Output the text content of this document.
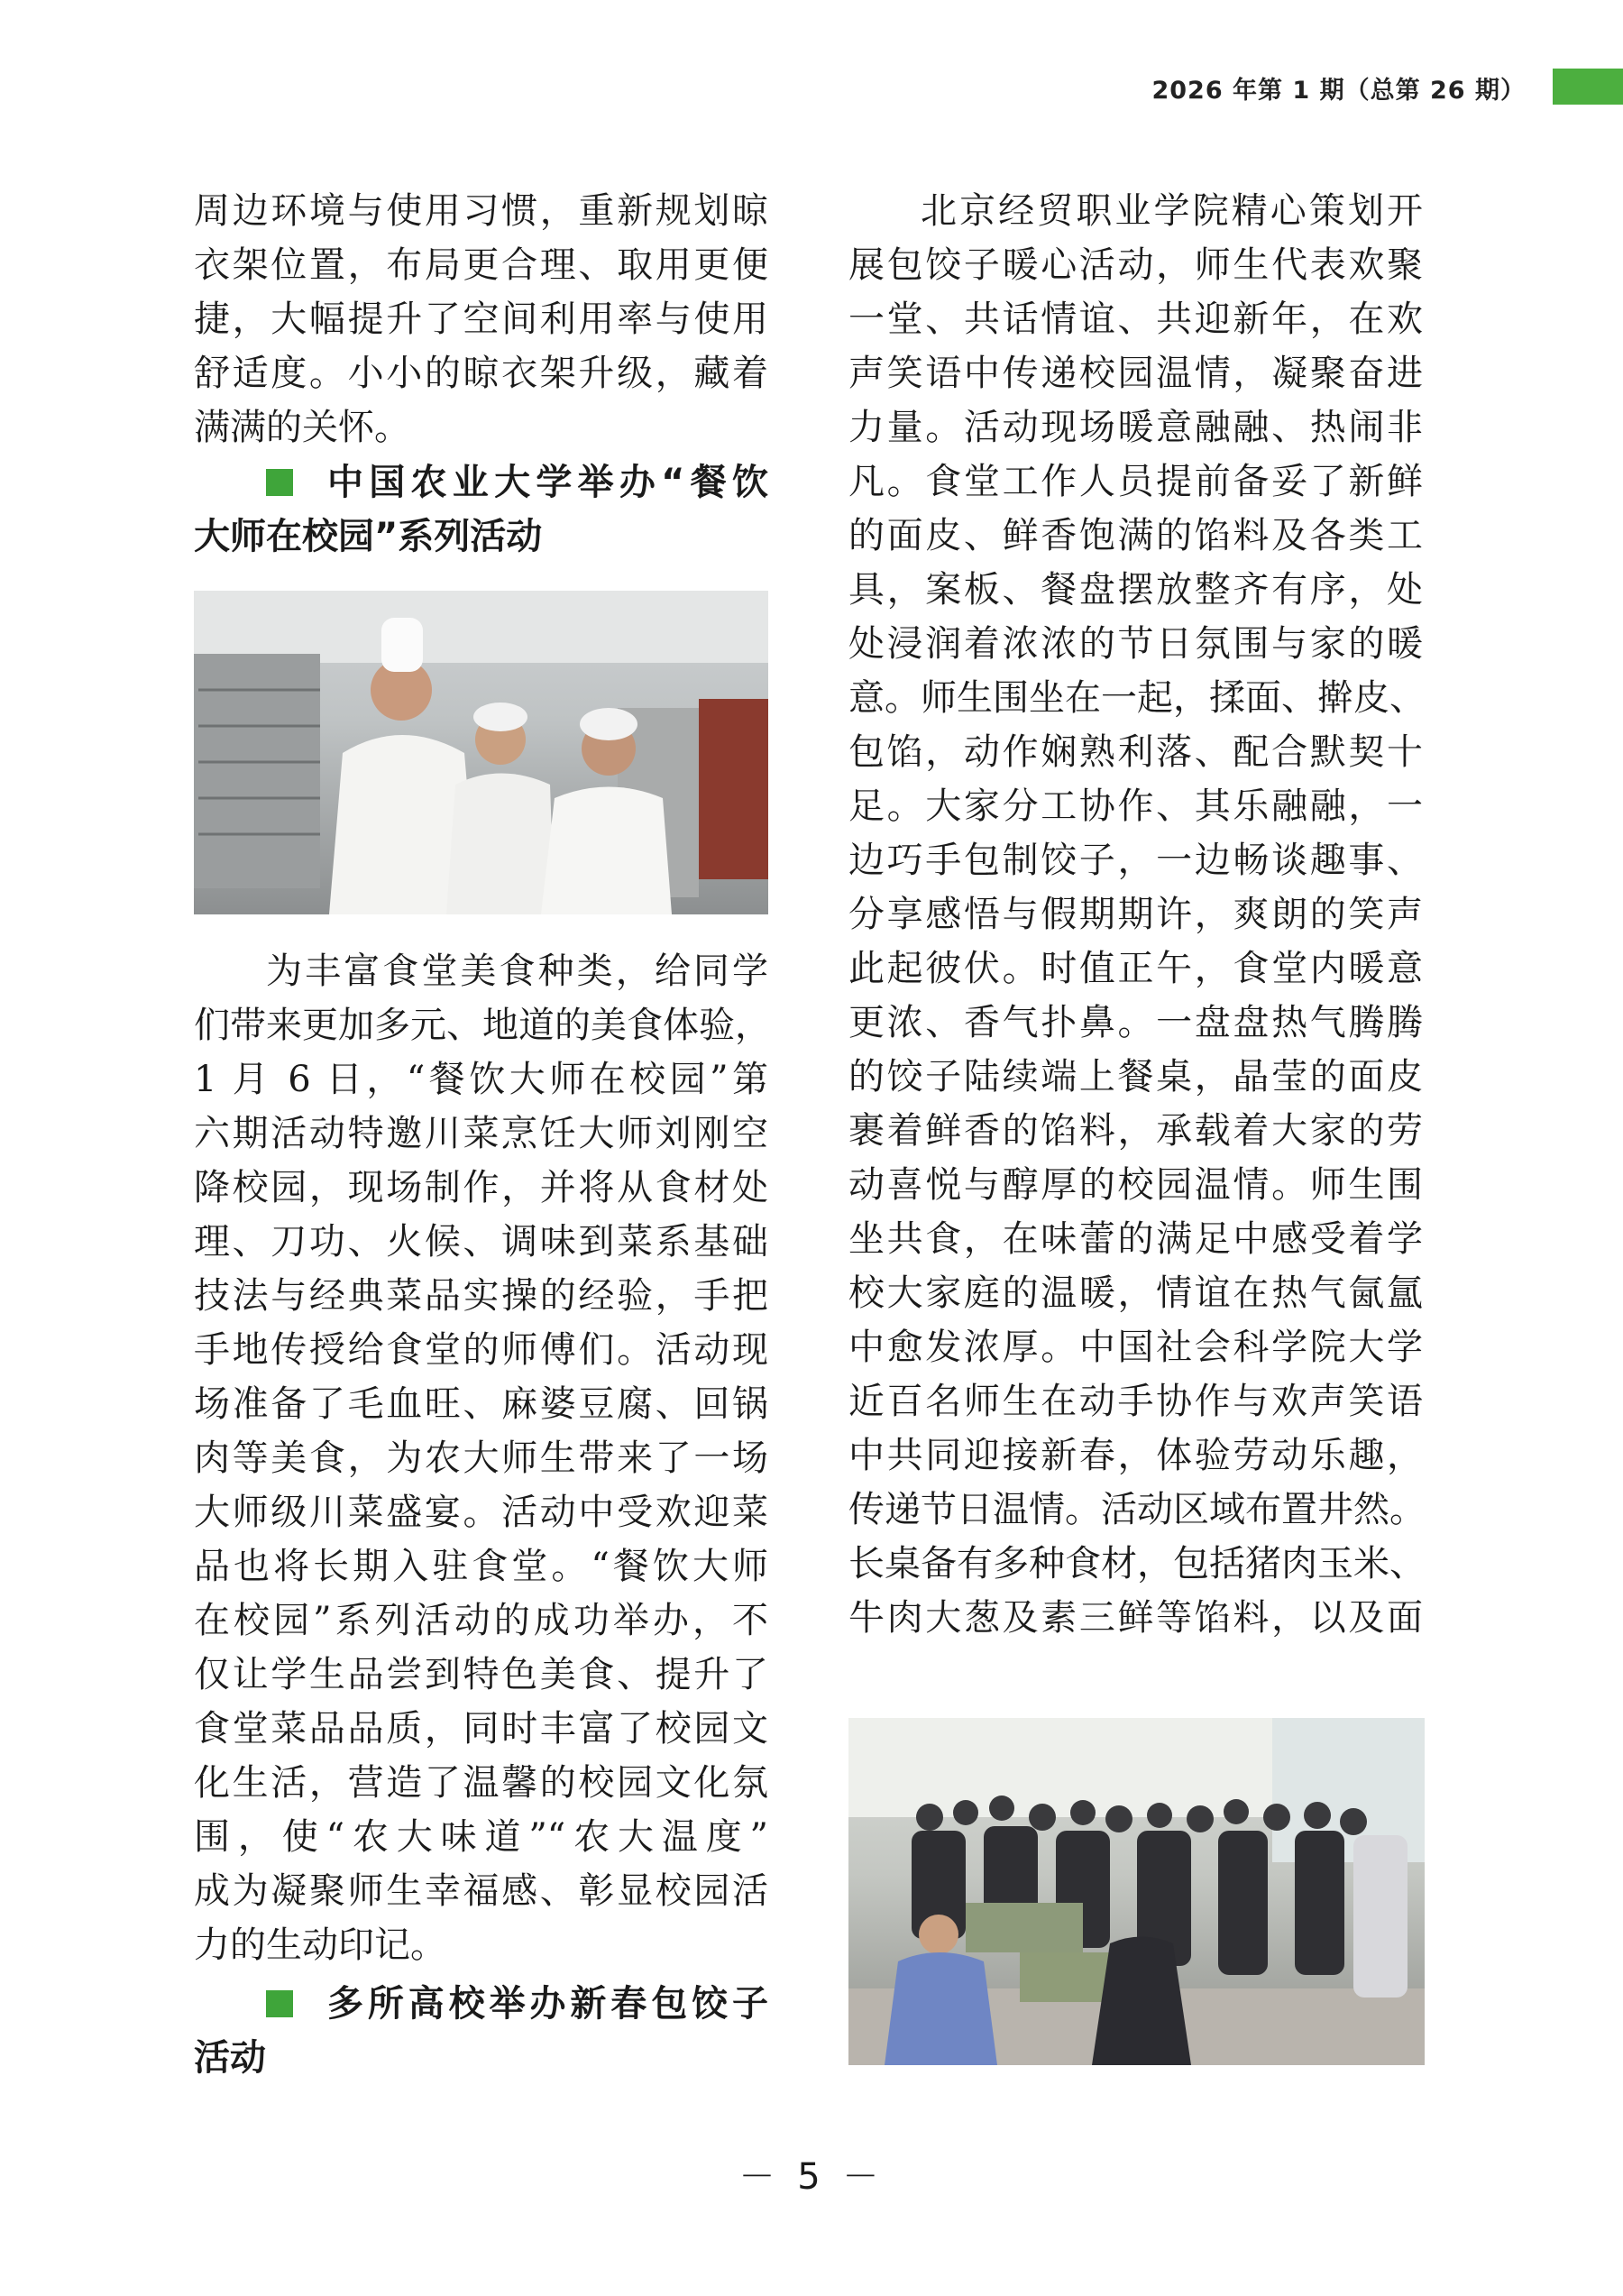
2026 年第 1 期（总第 26 期）
周边环境与使用习惯，重新规划晾
衣架位置，布局更合理、取用更便
捷，大幅提升了空间利用率与使用
舒适度。小小的晾衣架升级，藏着
满满的关怀。
中国农业大学举办“餐饮
大师在校园”系列活动
为丰富食堂美食种类，给同学
们带来更加多元、地道的美食体验，
1 月 6 日，“餐饮大师在校园”第
六期活动特邀川菜烹饪大师刘刚空
降校园，现场制作，并将从食材处
理、刀功、火候、调味到菜系基础
技法与经典菜品实操的经验，手把
手地传授给食堂的师傅们。活动现
场准备了毛血旺、麻婆豆腐、回锅
肉等美食，为农大师生带来了一场
大师级川菜盛宴。活动中受欢迎菜
品也将长期入驻食堂。“餐饮大师
在校园”系列活动的成功举办，不
仅让学生品尝到特色美食、提升了
食堂菜品品质，同时丰富了校园文
化生活，营造了温馨的校园文化氛
围，使“农大味道”“农大温度”
成为凝聚师生幸福感、彰显校园活
力的生动印记。
多所高校举办新春包饺子
活动
北京经贸职业学院精心策划开
展包饺子暖心活动，师生代表欢聚
一堂、共话情谊、共迎新年，在欢
声笑语中传递校园温情，凝聚奋进
力量。活动现场暖意融融、热闹非
凡。食堂工作人员提前备妥了新鲜
的面皮、鲜香饱满的馅料及各类工
具，案板、餐盘摆放整齐有序，处
处浸润着浓浓的节日氛围与家的暖
意。师生围坐在一起，揉面、擀皮、
包馅，动作娴熟利落、配合默契十
足。大家分工协作、其乐融融，一
边巧手包制饺子，一边畅谈趣事、
分享感悟与假期期许，爽朗的笑声
此起彼伏。时值正午，食堂内暖意
更浓、香气扑鼻。一盘盘热气腾腾
的饺子陆续端上餐桌，晶莹的面皮
裹着鲜香的馅料，承载着大家的劳
动喜悦与醇厚的校园温情。师生围
坐共食，在味蕾的满足中感受着学
校大家庭的温暖，情谊在热气氤氲
中愈发浓厚。中国社会科学院大学
近百名师生在动手协作与欢声笑语
中共同迎接新春，体验劳动乐趣，
传递节日温情。活动区域布置井然。
长桌备有多种食材，包括猪肉玉米、
牛肉大葱及素三鲜等馅料，以及面
－ 5 －
